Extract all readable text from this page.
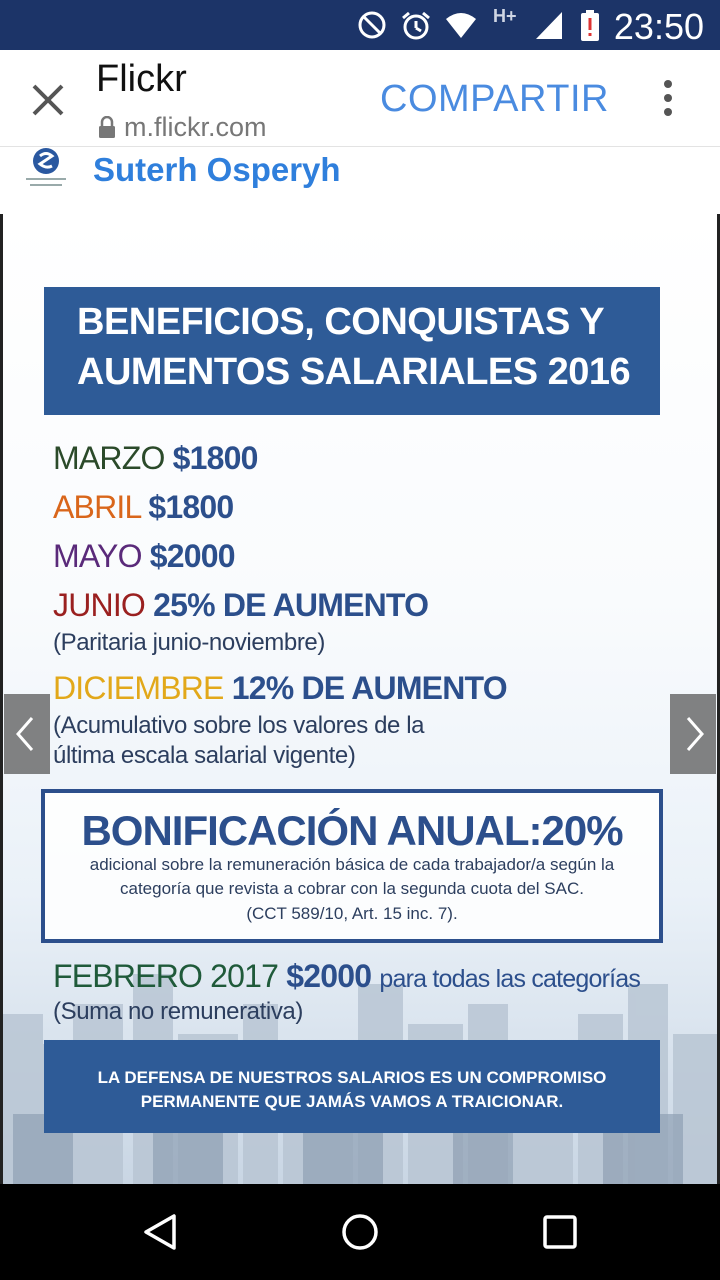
H+	23:50
Flickr
m.flickr.com
COMPARTIR
Suterh Osperyh
BENEFICIOS, CONQUISTAS Y
AUMENTOS SALARIALES 2016
MARZO $1800
ABRIL $1800
MAYO $2000
JUNIO 25% DE AUMENTO
(Paritaria junio-noviembre)
DICIEMBRE 12% DE AUMENTO
(Acumulativo sobre los valores de la
última escala salarial vigente)
BONIFICACIÓN ANUAL:20%
adicional sobre la remuneración básica de cada trabajador/a según la
categoría que revista a cobrar con la segunda cuota del SAC.
(CCT 589/10, Art. 15 inc. 7).
FEBRERO 2017 $2000 para todas las categorías
(Suma no remunerativa)
LA DEFENSA DE NUESTROS SALARIOS ES UN COMPROMISO
PERMANENTE QUE JAMÁS VAMOS A TRAICIONAR.
